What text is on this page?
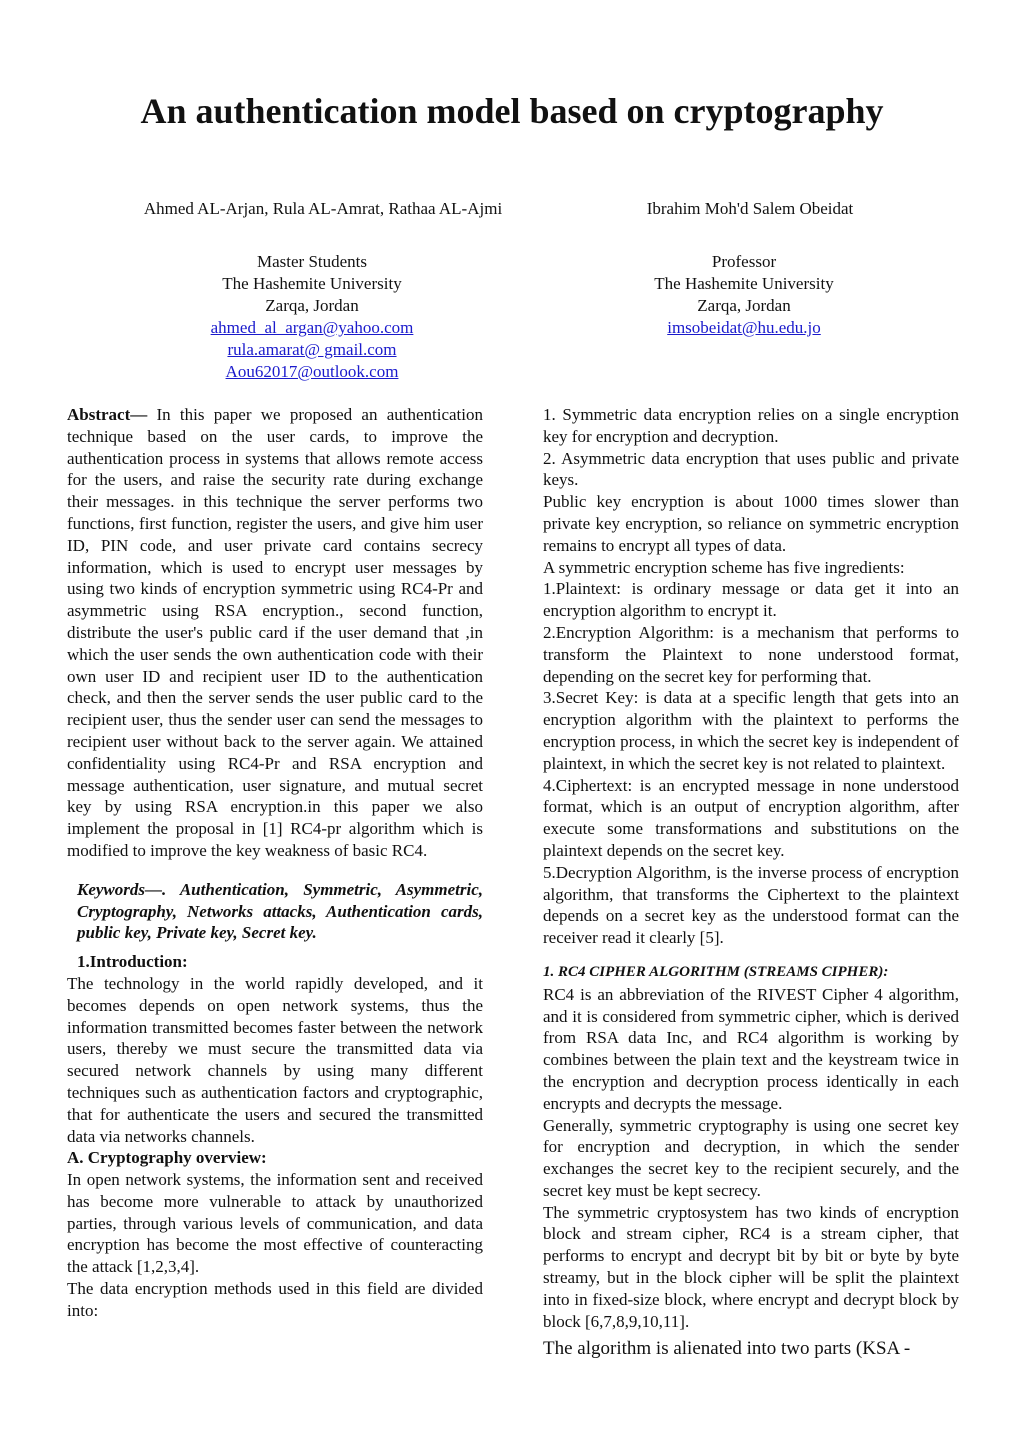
An authentication model based on cryptography
Ahmed AL-Arjan, Rula AL-Amrat, Rathaa AL-Ajmi	Ibrahim Moh'd Salem Obeidat
Master Students
The Hashemite University
Zarqa, Jordan
ahmed_al_argan@yahoo.com
rula.amarat@ gmail.com
Aou62017@outlook.com
Professor
The Hashemite University
Zarqa, Jordan
imsobeidat@hu.edu.jo

Abstract— In this paper we proposed an authentication technique based on the user cards, to improve the authentication process in systems that allows remote access for the users, and raise the security rate during exchange their messages. in this technique the server performs two functions, first function, register the users, and give him user ID, PIN code, and user private card contains secrecy information, which is used to encrypt user messages by using two kinds of encryption symmetric using RC4-Pr and asymmetric using RSA encryption., second function, distribute the user's public card if the user demand that ,in which the user sends the own authentication code with their own user ID and recipient user ID to the authentication check, and then the server sends the user public card to the recipient user, thus the sender user can send the messages to recipient user without back to the server again. We attained confidentiality using RC4-Pr and RSA encryption and message authentication, user signature, and mutual secret key by using RSA encryption.in this paper we also implement the proposal in [1] RC4-pr algorithm which is modified to improve the key weakness of basic RC4.

Keywords—. Authentication, Symmetric, Asymmetric, Cryptography, Networks attacks, Authentication cards, public key, Private key, Secret key.

1.Introduction:

The technology in the world rapidly developed, and it becomes depends on open network systems, thus the information transmitted becomes faster between the network users, thereby we must secure the transmitted data via secured network channels by using many different techniques such as authentication factors and cryptographic, that for authenticate the users and secured the transmitted data via networks channels.

A. Cryptography overview:

In open network systems, the information sent and received has become more vulnerable to attack by unauthorized parties, through various levels of communication, and data encryption has become the most effective of counteracting the attack [1,2,3,4].

The data encryption methods used in this field are divided into:

1. Symmetric data encryption relies on a single encryption key for encryption and decryption.

2. Asymmetric data encryption that uses public and private keys.

Public key encryption is about 1000 times slower than private key encryption, so reliance on symmetric encryption remains to encrypt all types of data.

A symmetric encryption scheme has five ingredients:

1.Plaintext: is ordinary message or data get it into an encryption algorithm to encrypt it.

2.Encryption Algorithm: is a mechanism that performs to transform the Plaintext to none understood format, depending on the secret key for performing that.

3.Secret Key: is data at a specific length that gets into an encryption algorithm with the plaintext to performs the encryption process, in which the secret key is independent of plaintext, in which the secret key is not related to plaintext.

4.Ciphertext: is an encrypted message in none understood format, which is an output of encryption algorithm, after execute some transformations and substitutions on the plaintext depends on the secret key.

5.Decryption Algorithm, is the inverse process of encryption algorithm, that transforms the Ciphertext to the plaintext depends on a secret key as the understood format can the receiver read it clearly [5].

1. RC4 CIPHER ALGORITHM (STREAMS CIPHER):

RC4 is an abbreviation of the RIVEST Cipher 4 algorithm, and it is considered from symmetric cipher, which is derived from RSA data Inc, and RC4 algorithm is working by combines between the plain text and the keystream twice in the encryption and decryption process identically in each encrypts and decrypts the message.

Generally, symmetric cryptography is using one secret key for encryption and decryption, in which the sender exchanges the secret key to the recipient securely, and the secret key must be kept secrecy.

The symmetric cryptosystem has two kinds of encryption block and stream cipher, RC4 is a stream cipher, that performs to encrypt and decrypt bit by bit or byte by byte streamy, but in the block cipher will be split the plaintext into in fixed-size block, where encrypt and decrypt block by block [6,7,8,9,10,11].

The algorithm is alienated into two parts (KSA -
